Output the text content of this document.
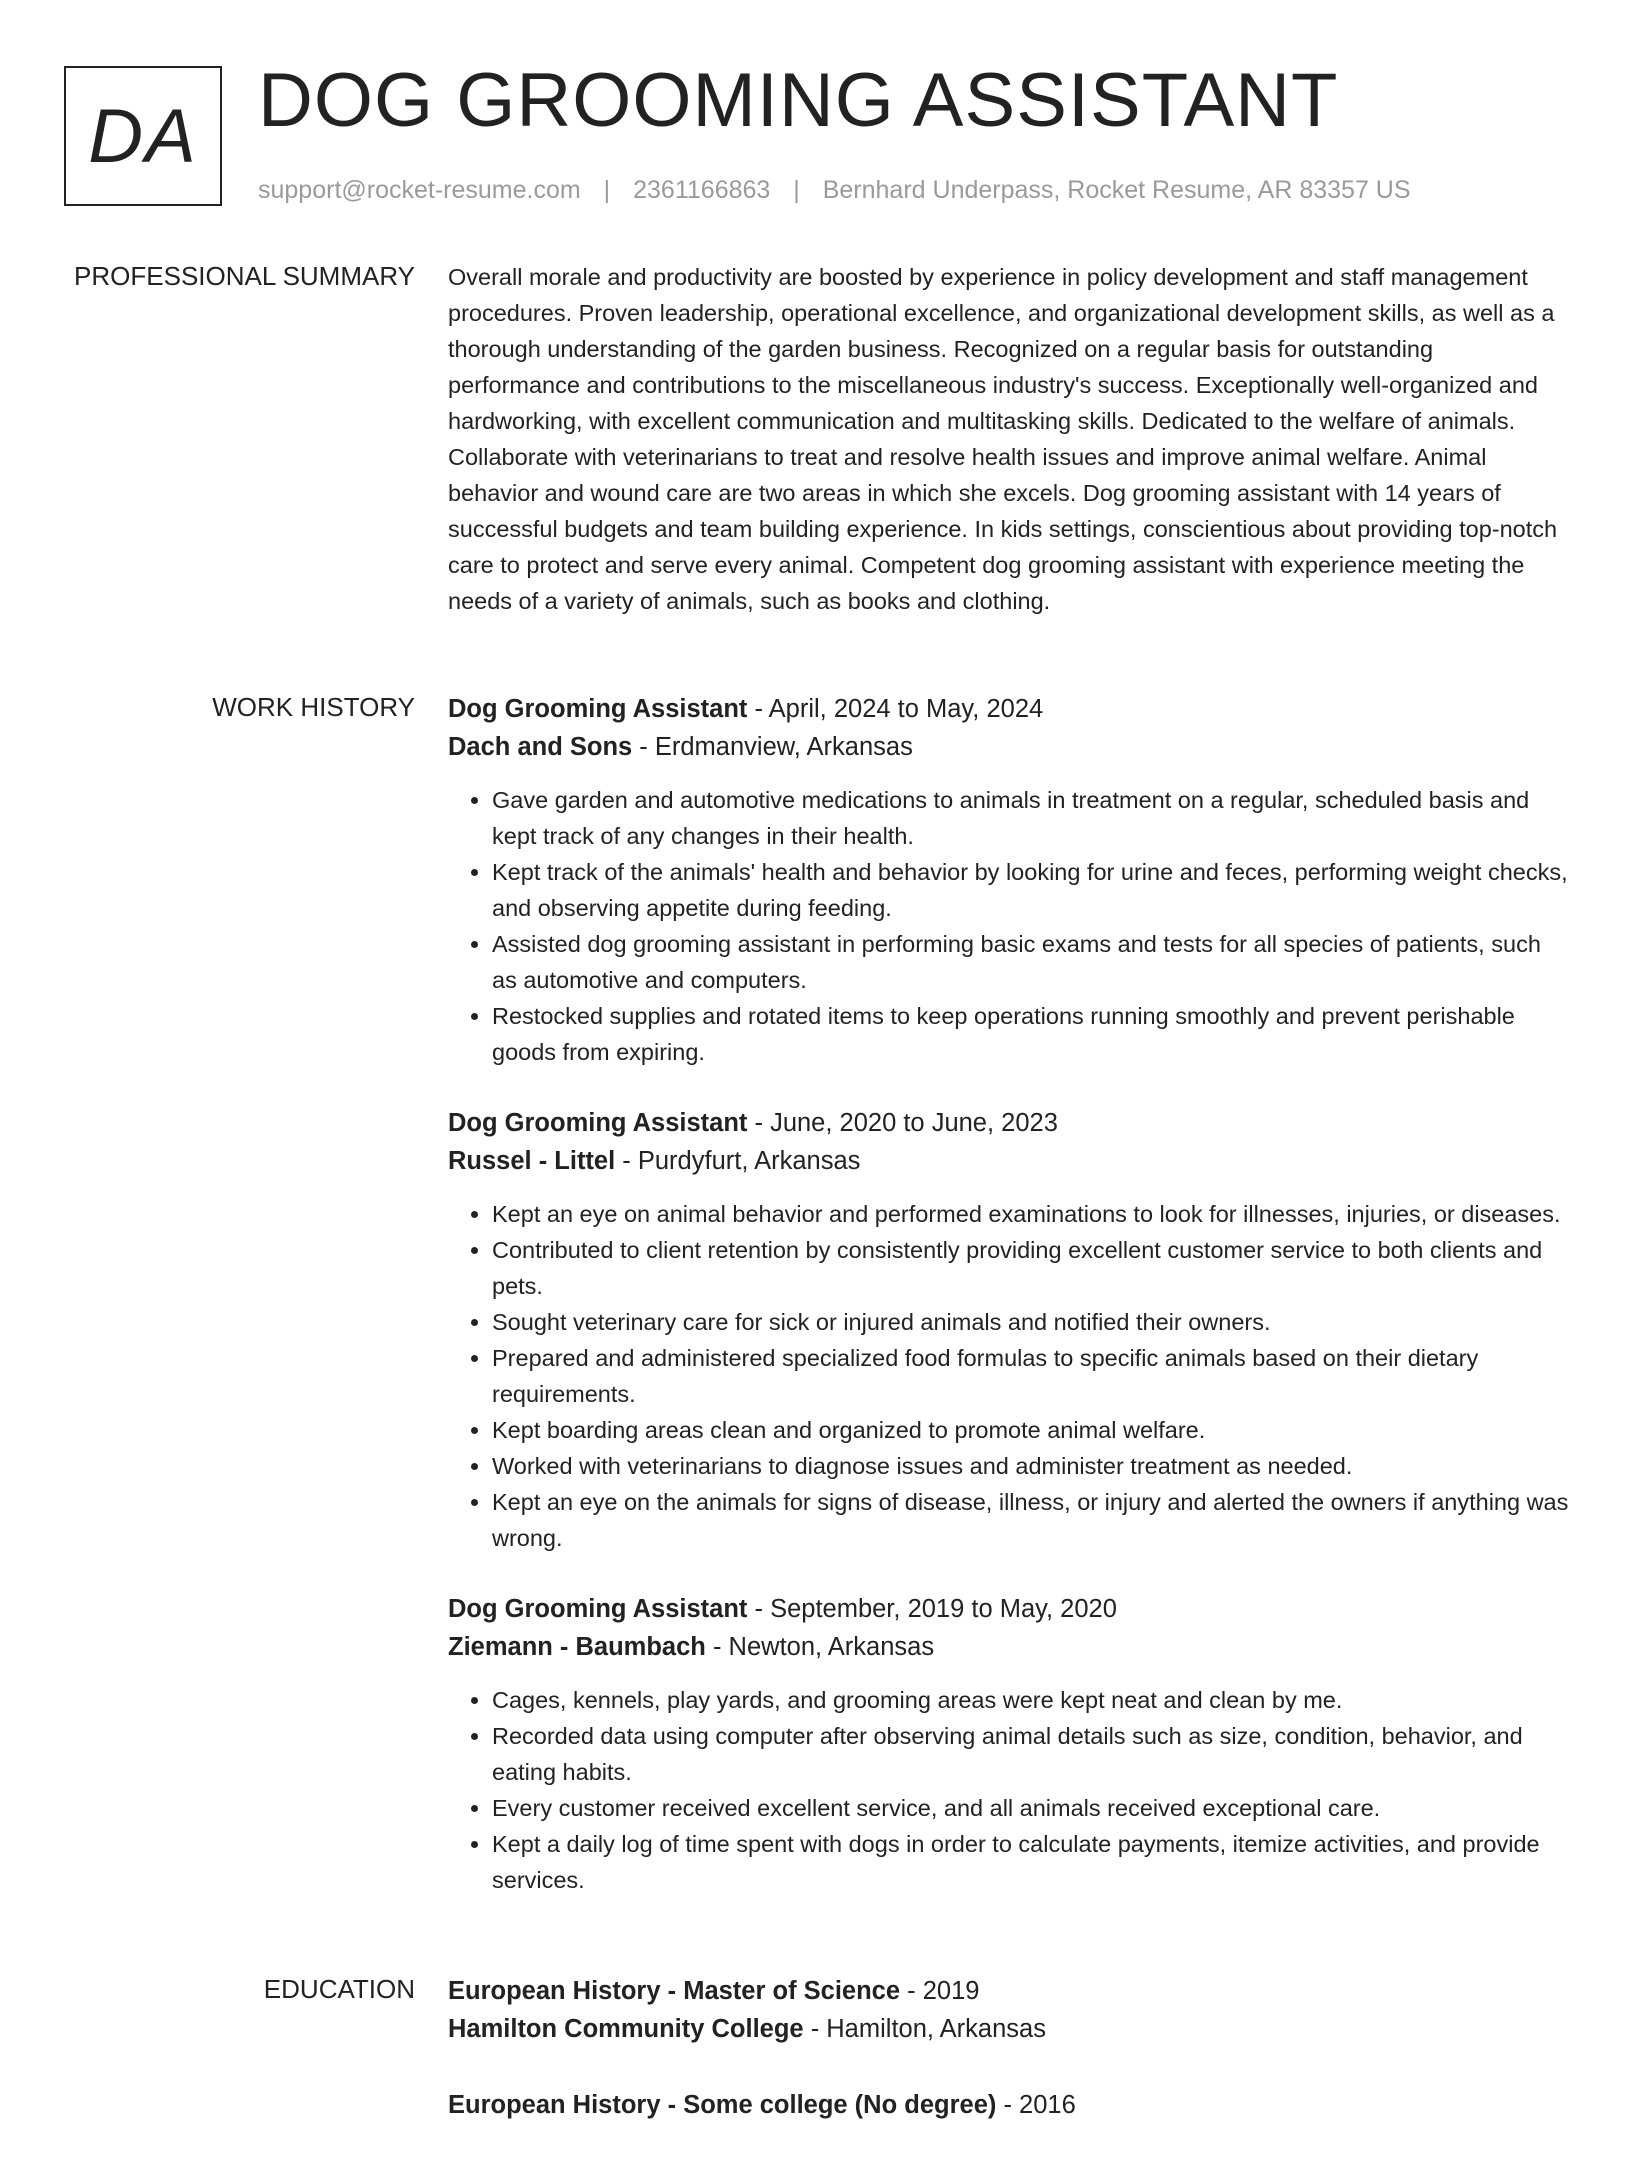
DA DOG GROOMING ASSISTANT
support@rocket-resume.com | 2361166863 | Bernhard Underpass, Rocket Resume, AR 83357 US
PROFESSIONAL SUMMARY Overall morale and productivity are boosted by experience in policy development and staff management procedures. Proven leadership, operational excellence, and organizational development skills, as well as a thorough understanding of the garden business. Recognized on a regular basis for outstanding performance and contributions to the miscellaneous industry's success. Exceptionally well-organized and hardworking, with excellent communication and multitasking skills. Dedicated to the welfare of animals. Collaborate with veterinarians to treat and resolve health issues and improve animal welfare. Animal behavior and wound care are two areas in which she excels. Dog grooming assistant with 14 years of successful budgets and team building experience. In kids settings, conscientious about providing top-notch care to protect and serve every animal. Competent dog grooming assistant with experience meeting the needs of a variety of animals, such as books and clothing.

WORK HISTORY Dog Grooming Assistant - April, 2024 to May, 2024
Dach and Sons - Erdmanview, Arkansas
• Gave garden and automotive medications to animals in treatment on a regular, scheduled basis and kept track of any changes in their health.
• Kept track of the animals' health and behavior by looking for urine and feces, performing weight checks, and observing appetite during feeding.
• Assisted dog grooming assistant in performing basic exams and tests for all species of patients, such as automotive and computers.
• Restocked supplies and rotated items to keep operations running smoothly and prevent perishable goods from expiring.
Dog Grooming Assistant - June, 2020 to June, 2023
Russel - Littel - Purdyfurt, Arkansas
• Kept an eye on animal behavior and performed examinations to look for illnesses, injuries, or diseases.
• Contributed to client retention by consistently providing excellent customer service to both clients and pets.
• Sought veterinary care for sick or injured animals and notified their owners.
• Prepared and administered specialized food formulas to specific animals based on their dietary requirements.
• Kept boarding areas clean and organized to promote animal welfare.
• Worked with veterinarians to diagnose issues and administer treatment as needed.
• Kept an eye on the animals for signs of disease, illness, or injury and alerted the owners if anything was wrong.
Dog Grooming Assistant - September, 2019 to May, 2020
Ziemann - Baumbach - Newton, Arkansas
• Cages, kennels, play yards, and grooming areas were kept neat and clean by me.
• Recorded data using computer after observing animal details such as size, condition, behavior, and eating habits.
• Every customer received excellent service, and all animals received exceptional care.
• Kept a daily log of time spent with dogs in order to calculate payments, itemize activities, and provide services.
EDUCATION European History - Master of Science - 2019
Hamilton Community College - Hamilton, Arkansas
European History - Some college (No degree) - 2016
